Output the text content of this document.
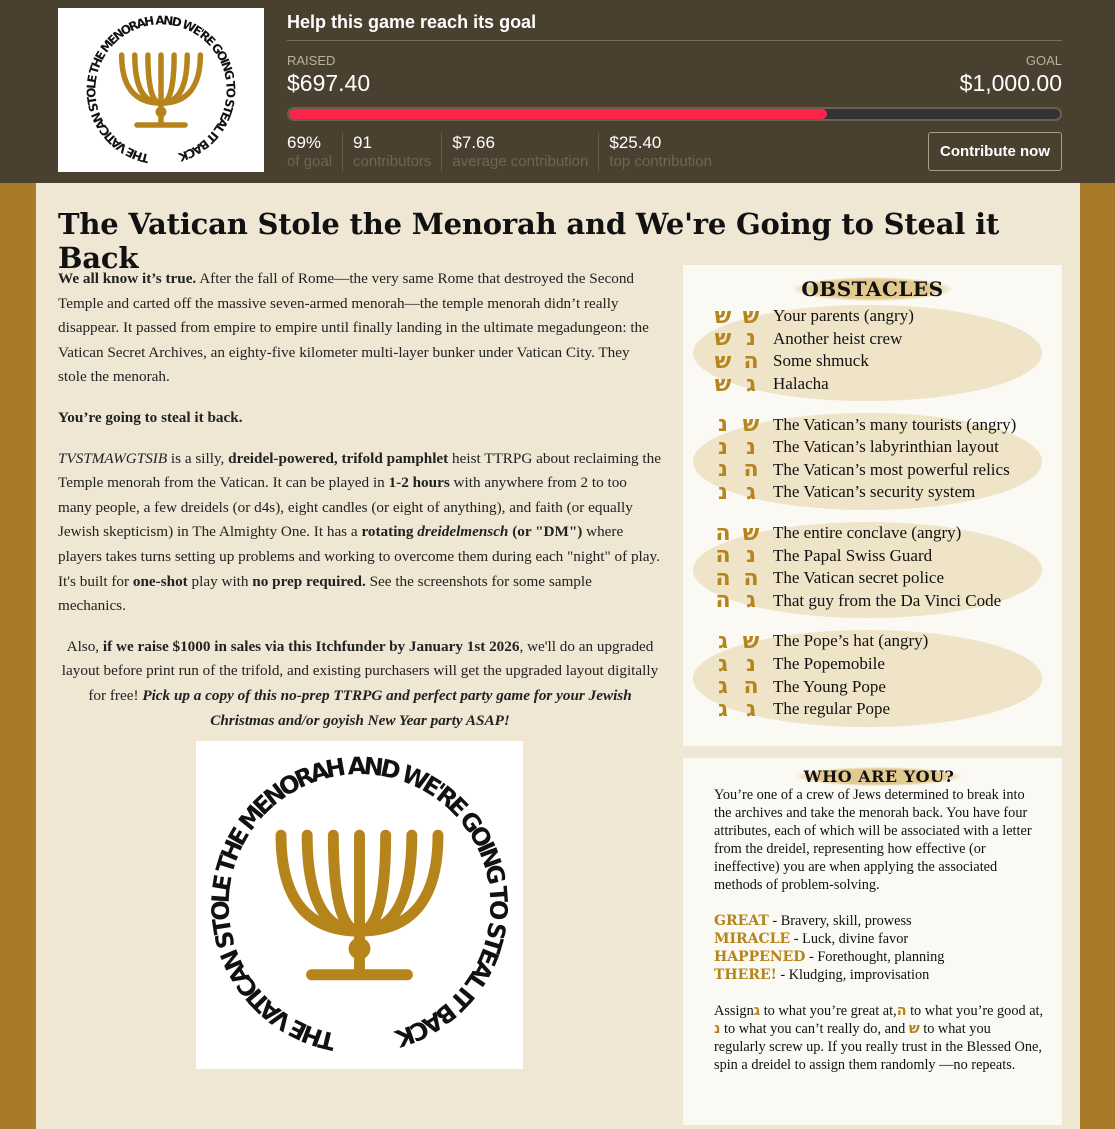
THE VATICAN STOLE THE MENORAH AND WE'RE GOING TO STEAL IT BACK
Help this game reach its goal
RAISED	GOAL
$697.40	$1,000.00
69%
of goal
91
contributors
$7.66
average contribution
$25.40
top contribution
Contribute now
The Vatican Stole the Menorah and We're Going to Steal it Back

We all know it’s true. After the fall of Rome—the very same Rome that destroyed the Second Temple and carted off the massive seven-armed menorah—the temple menorah didn’t really disappear. It passed from empire to empire until finally landing in the ultimate megadungeon: the Vatican Secret Archives, an eighty-five kilometer multi-layer bunker under Vatican City. They stole the menorah.

You’re going to steal it back.

TVSTMAWGTSIB is a silly, dreidel-powered, trifold pamphlet heist TTRPG about reclaiming the Temple menorah from the Vatican. It can be played in 1-2 hours with anywhere from 2 to too many people, a few dreidels (or d4s), eight candles (or eight of anything), and faith (or equally Jewish skepticism) in The Almighty One. It has a rotating dreidelmensch (or "DM") where players takes turns setting up problems and working to overcome them during each "night" of play. It's built for one-shot play with no prep required. See the screenshots for some sample mechanics.

Also, if we raise $1000 in sales via this Itchfunder by January 1st 2026, we'll do an upgraded layout before print run of the trifold, and existing purchasers will get the upgraded layout digitally for free! Pick up a copy of this no-prep TTRPG and perfect party game for your Jewish Christmas and/or goyish New Year party ASAP!

THE VATICAN STOLE THE MENORAH AND WE'RE GOING TO STEAL IT BACK
OBSTACLES
ש ש Your parents (angry)
ש נ	Another heist crew
ש ה Some shmuck
ש ג	Halacha
נ ש The Vatican’s many tourists (angry)
נ נ	The Vatican’s labyrinthian layout
נ ה The Vatican’s most powerful relics
נ ג	The Vatican’s security system
ה ש The entire conclave (angry)
ה נ	The Papal Swiss Guard
ה ה The Vatican secret police
ה ג	That guy from the Da Vinci Code
ג ש The Pope’s hat (angry)
ג נ	The Popemobile
ג ה The Young Pope
ג ג	The regular Pope
WHO ARE YOU?

You’re one of a crew of Jews determined to break into the archives and take the menorah back. You have four attributes, each of which will be associated with a letter from the dreidel, representing how effective (or ineffective) you are when applying the associated methods of problem-solving.

GREAT - Bravery, skill, prowess
MIRACLE - Luck, divine favor
HAPPENED - Forethought, planning
THERE! - Kludging, improvisation

Assignג to what you’re great at,ה to what you’re good at, נ to what you can’t really do, and ש to what you regularly screw up. If you really trust in the Blessed One, spin a dreidel to assign them randomly —no repeats.
